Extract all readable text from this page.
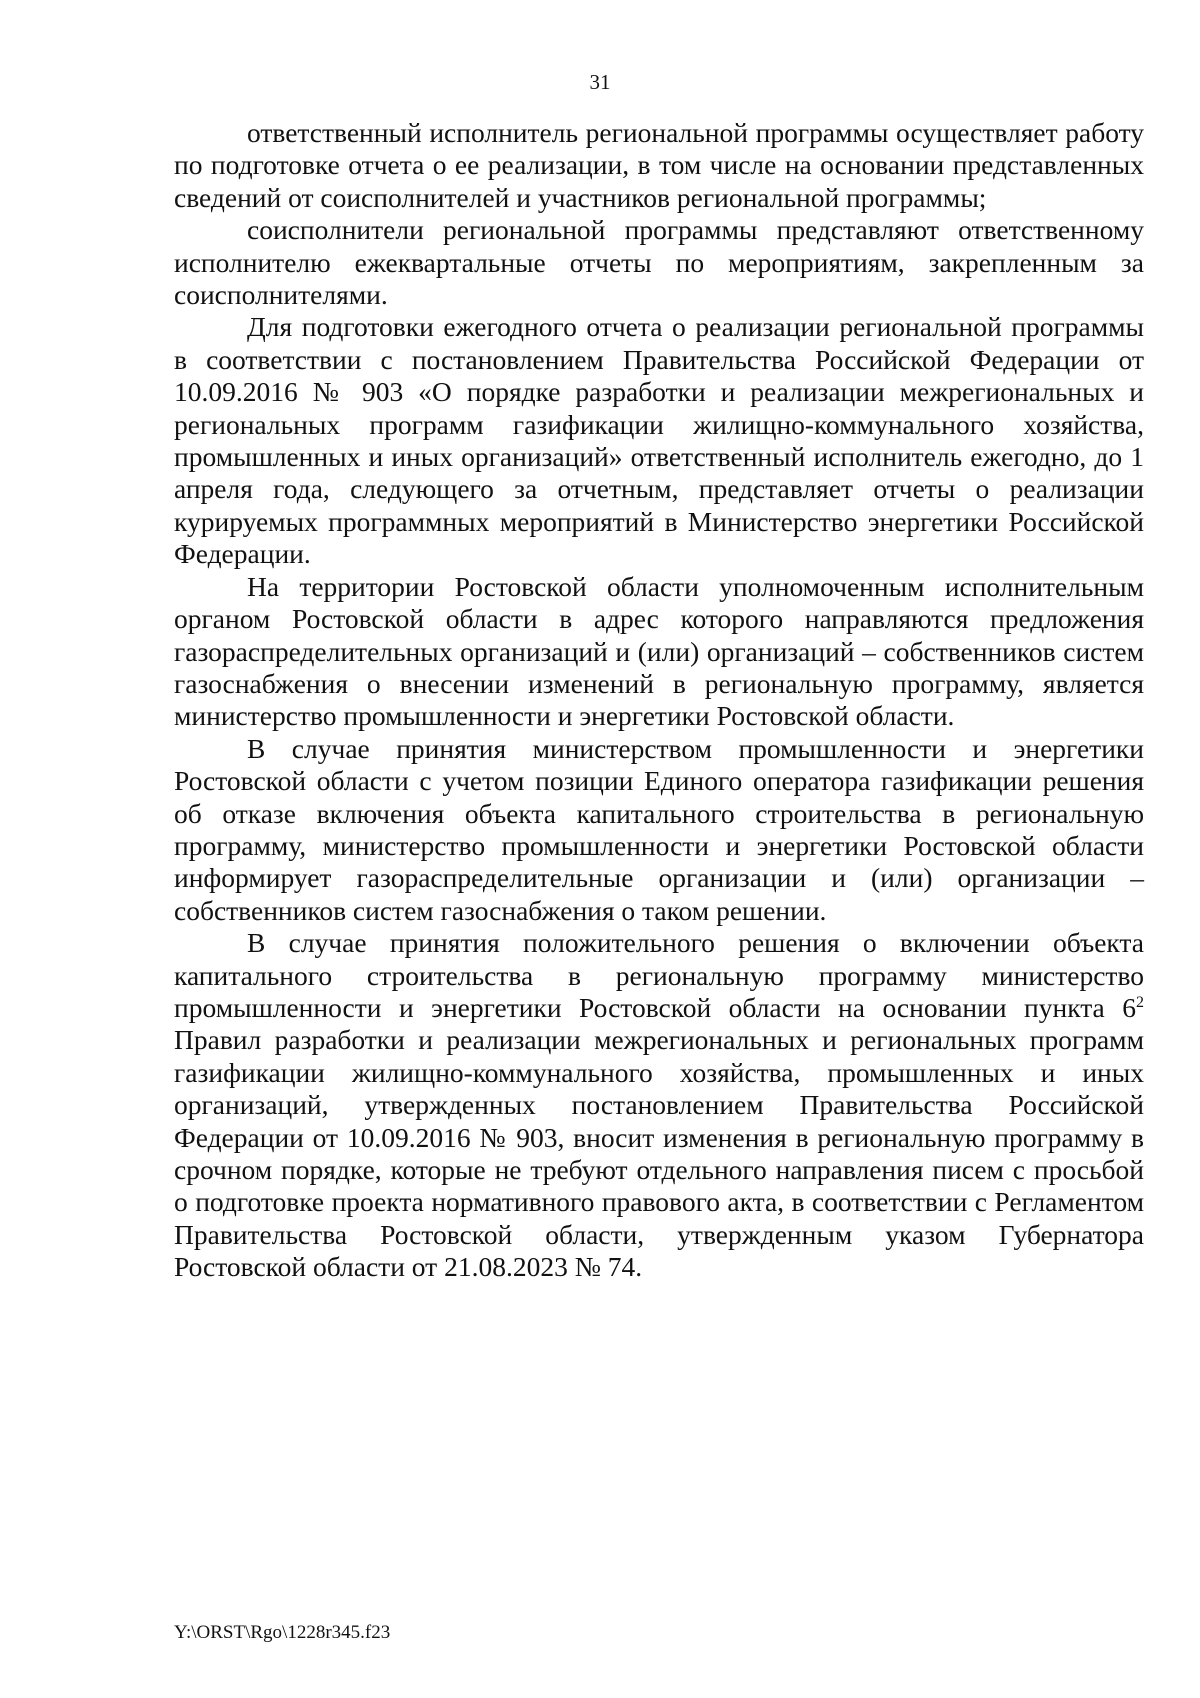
31

ответственный исполнитель региональной программы осуществляет работу по подготовке отчета о ее реализации, в том числе на основании представленных сведений от соисполнителей и участников региональной программы;

соисполнители региональной программы представляют ответственному исполнителю ежеквартальные отчеты по мероприятиям, закрепленным за соисполнителями.

Для подготовки ежегодного отчета о реализации региональной программы в соответствии с постановлением Правительства Российской Федерации от 10.09.2016 № 903 «О порядке разработки и реализации межрегиональных и региональных программ газификации жилищно-коммунального хозяйства, промышленных и иных организаций» ответственный исполнитель ежегодно, до 1 апреля года, следующего за отчетным, представляет отчеты о реализации курируемых программных мероприятий в Министерство энергетики Российской Федерации.

На территории Ростовской области уполномоченным исполнительным органом Ростовской области в адрес которого направляются предложения газораспределительных организаций и (или) организаций – собственников систем газоснабжения о внесении изменений в региональную программу, является министерство промышленности и энергетики Ростовской области.

В случае принятия министерством промышленности и энергетики Ростовской области с учетом позиции Единого оператора газификации решения об отказе включения объекта капитального строительства в региональную программу, министерство промышленности и энергетики Ростовской области информирует газораспределительные организации и (или) организации – собственников систем газоснабжения о таком решении.

В случае принятия положительного решения о включении объекта капитального строительства в региональную программу министерство промышленности и энергетики Ростовской области на основании пункта $6^2$ Правил разработки и реализации межрегиональных и региональных программ газификации жилищно-коммунального хозяйства, промышленных и иных организаций, утвержденных постановлением Правительства Российской Федерации от 10.09.2016 № 903, вносит изменения в региональную программу в срочном порядке, которые не требуют отдельного направления писем с просьбой о подготовке проекта нормативного правового акта, в соответствии с Регламентом Правительства Ростовской области, утвержденным указом Губернатора Ростовской области от 21.08.2023 № 74.

Y:\ORST\Rgo\1228r345.f23
